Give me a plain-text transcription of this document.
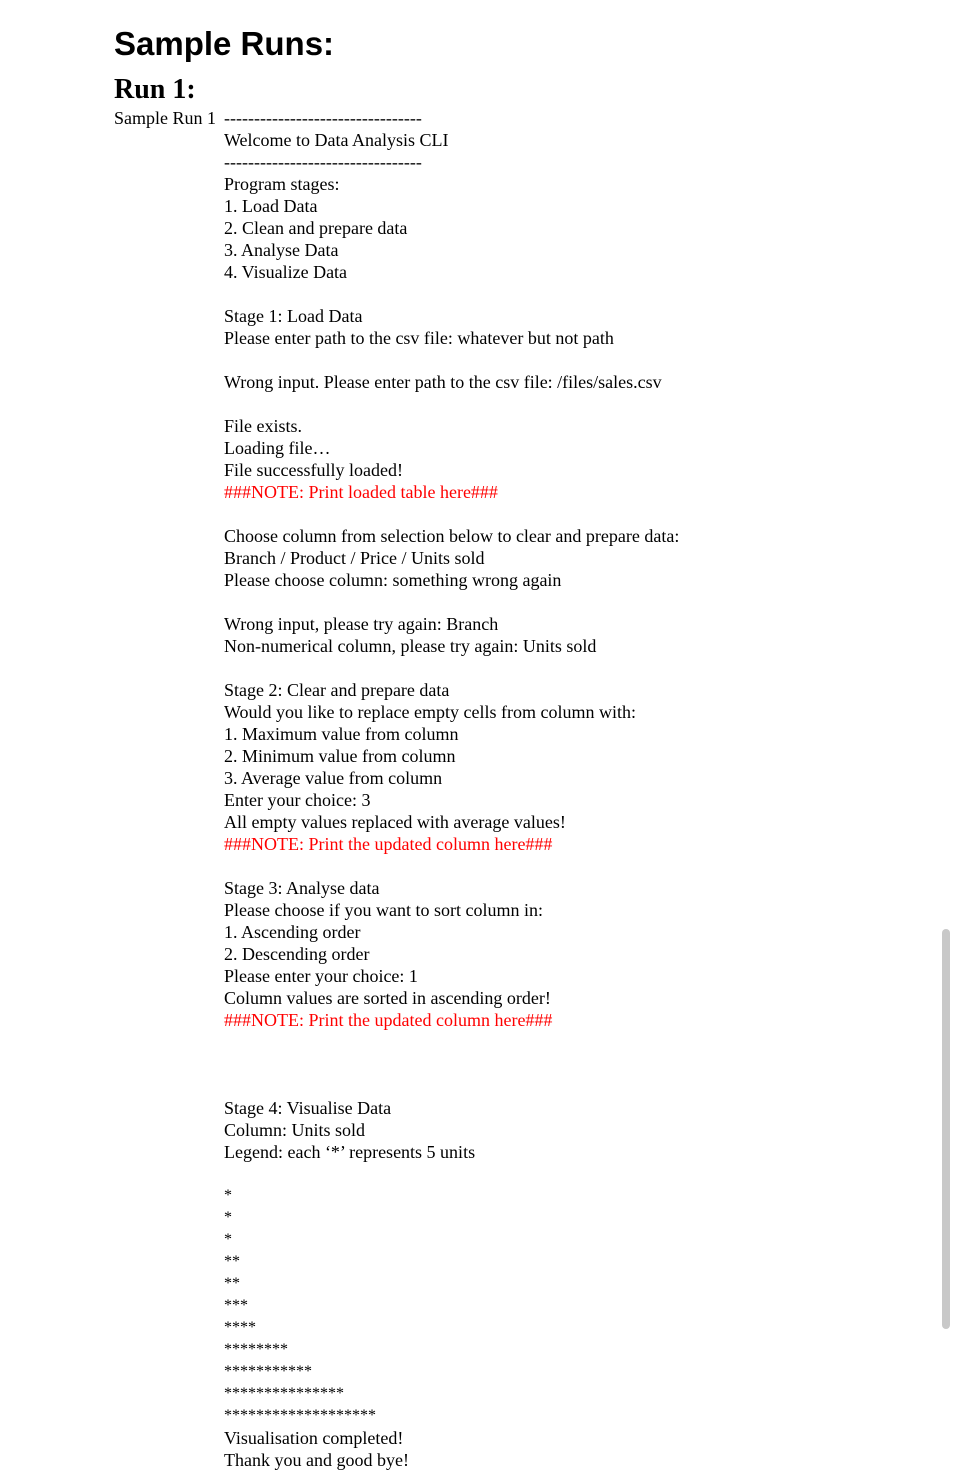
Sample Runs:
Run 1:
Sample Run 1 ---------------------------------
Welcome to Data Analysis CLI
---------------------------------
Program stages:
1. Load Data
2. Clean and prepare data
3. Analyse Data
4. Visualize Data
Stage 1: Load Data
Please enter path to the csv file: whatever but not path
Wrong input. Please enter path to the csv file: /files/sales.csv
File exists.
Loading file…
File successfully loaded!
###NOTE: Print loaded table here###
Choose column from selection below to clear and prepare data:
Branch / Product / Price / Units sold
Please choose column: something wrong again
Wrong input, please try again: Branch
Non-numerical column, please try again: Units sold
Stage 2: Clear and prepare data
Would you like to replace empty cells from column with:
1. Maximum value from column
2. Minimum value from column
3. Average value from column
Enter your choice: 3
All empty values replaced with average values!
###NOTE: Print the updated column here###
Stage 3: Analyse data
Please choose if you want to sort column in:
1. Ascending order
2. Descending order
Please enter your choice: 1
Column values are sorted in ascending order!
###NOTE: Print the updated column here###
Stage 4: Visualise Data
Column: Units sold
Legend: each ‘*’ represents 5 units
*
*
*
**
**
***
****
********
***********
***************
*******************
Visualisation completed!
Thank you and good bye!
